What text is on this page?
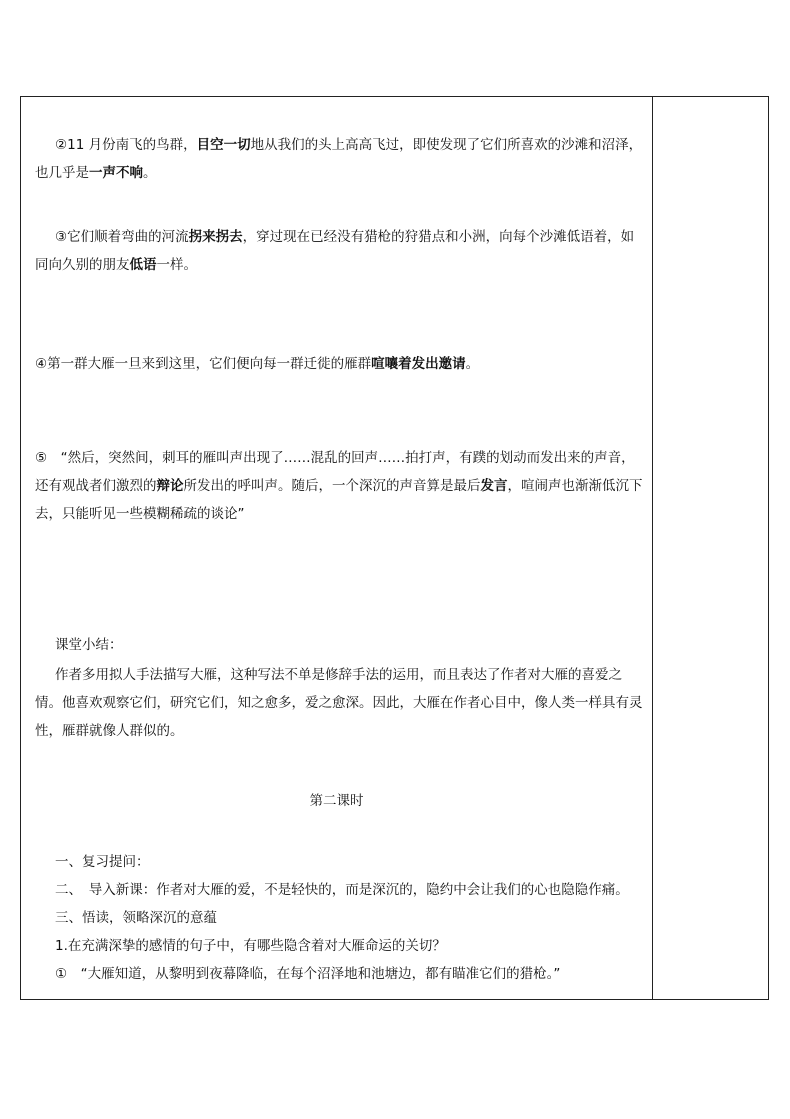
②11 月份南飞的鸟群，目空一切地从我们的头上高高飞过，即使发现了它们所喜欢的沙滩和沼泽，也几乎是一声不响。

③它们顺着弯曲的河流拐来拐去，穿过现在已经没有猎枪的狩猎点和小洲，向每个沙滩低语着，如同向久别的朋友低语一样。

④第一群大雁一旦来到这里，它们便向每一群迁徙的雁群喧嚷着发出邀请。

⑤　“然后，突然间，刺耳的雁叫声出现了……混乱的回声……拍打声，有蹼的划动而发出来的声音，还有观战者们激烈的辩论所发出的呼叫声。随后，一个深沉的声音算是最后发言，喧闹声也渐渐低沉下去，只能听见一些模糊稀疏的谈论”

课堂小结：

作者多用拟人手法描写大雁，这种写法不单是修辞手法的运用，而且表达了作者对大雁的喜爱之情。他喜欢观察它们，研究它们，知之愈多，爱之愈深。因此，大雁在作者心目中，像人类一样具有灵性，雁群就像人群似的。

第二课时

一、复习提问：

二、　导入新课：作者对大雁的爱，不是轻快的，而是深沉的，隐约中会让我们的心也隐隐作痛。

三、悟读，领略深沉的意蕴

1.在充满深挚的感情的句子中，有哪些隐含着对大雁命运的关切？

①　“大雁知道，从黎明到夜幕降临，在每个沼泽地和池塘边，都有瞄准它们的猎枪。”
